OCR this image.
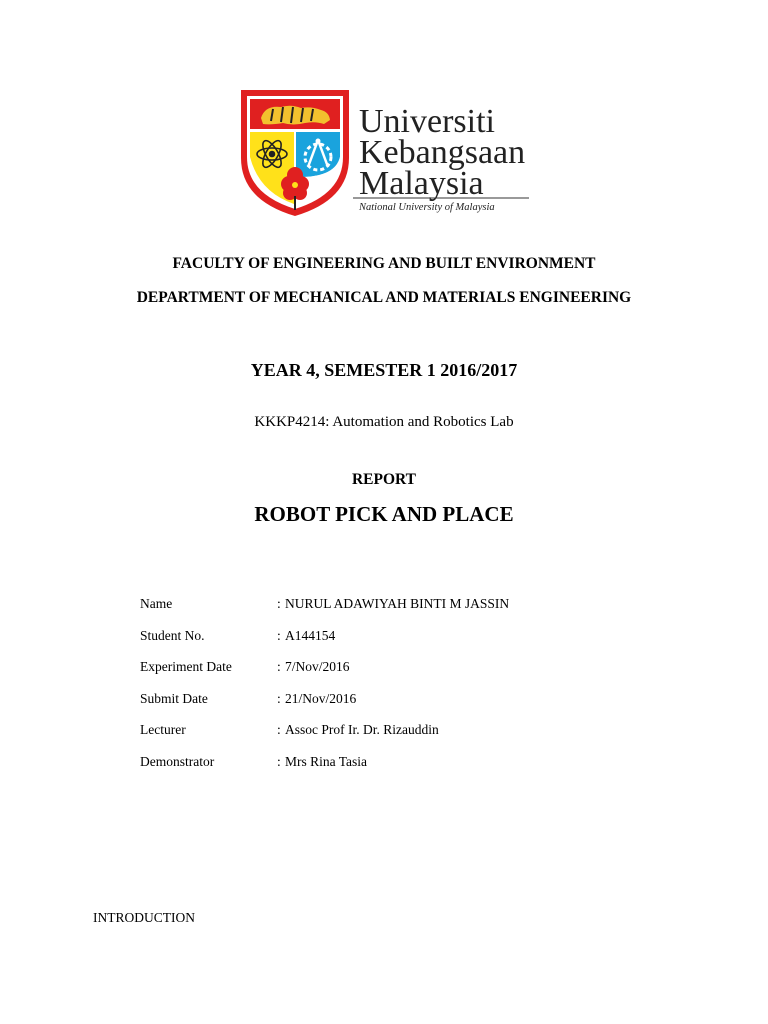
Universiti
Kebangsaan
Malaysia
National University of Malaysia
FACULTY OF ENGINEERING AND BUILT ENVIRONMENT
DEPARTMENT OF MECHANICAL AND MATERIALS ENGINEERING
YEAR 4, SEMESTER 1 2016/2017
KKKP4214: Automation and Robotics Lab
REPORT
ROBOT PICK AND PLACE
Name	: NURUL ADAWIYAH BINTI M JASSIN
Student No.	: A144154
Experiment Date	: 7/Nov/2016
Submit Date	: 21/Nov/2016
Lecturer	: Assoc Prof Ir. Dr. Rizauddin
Demonstrator	: Mrs Rina Tasia
INTRODUCTION
